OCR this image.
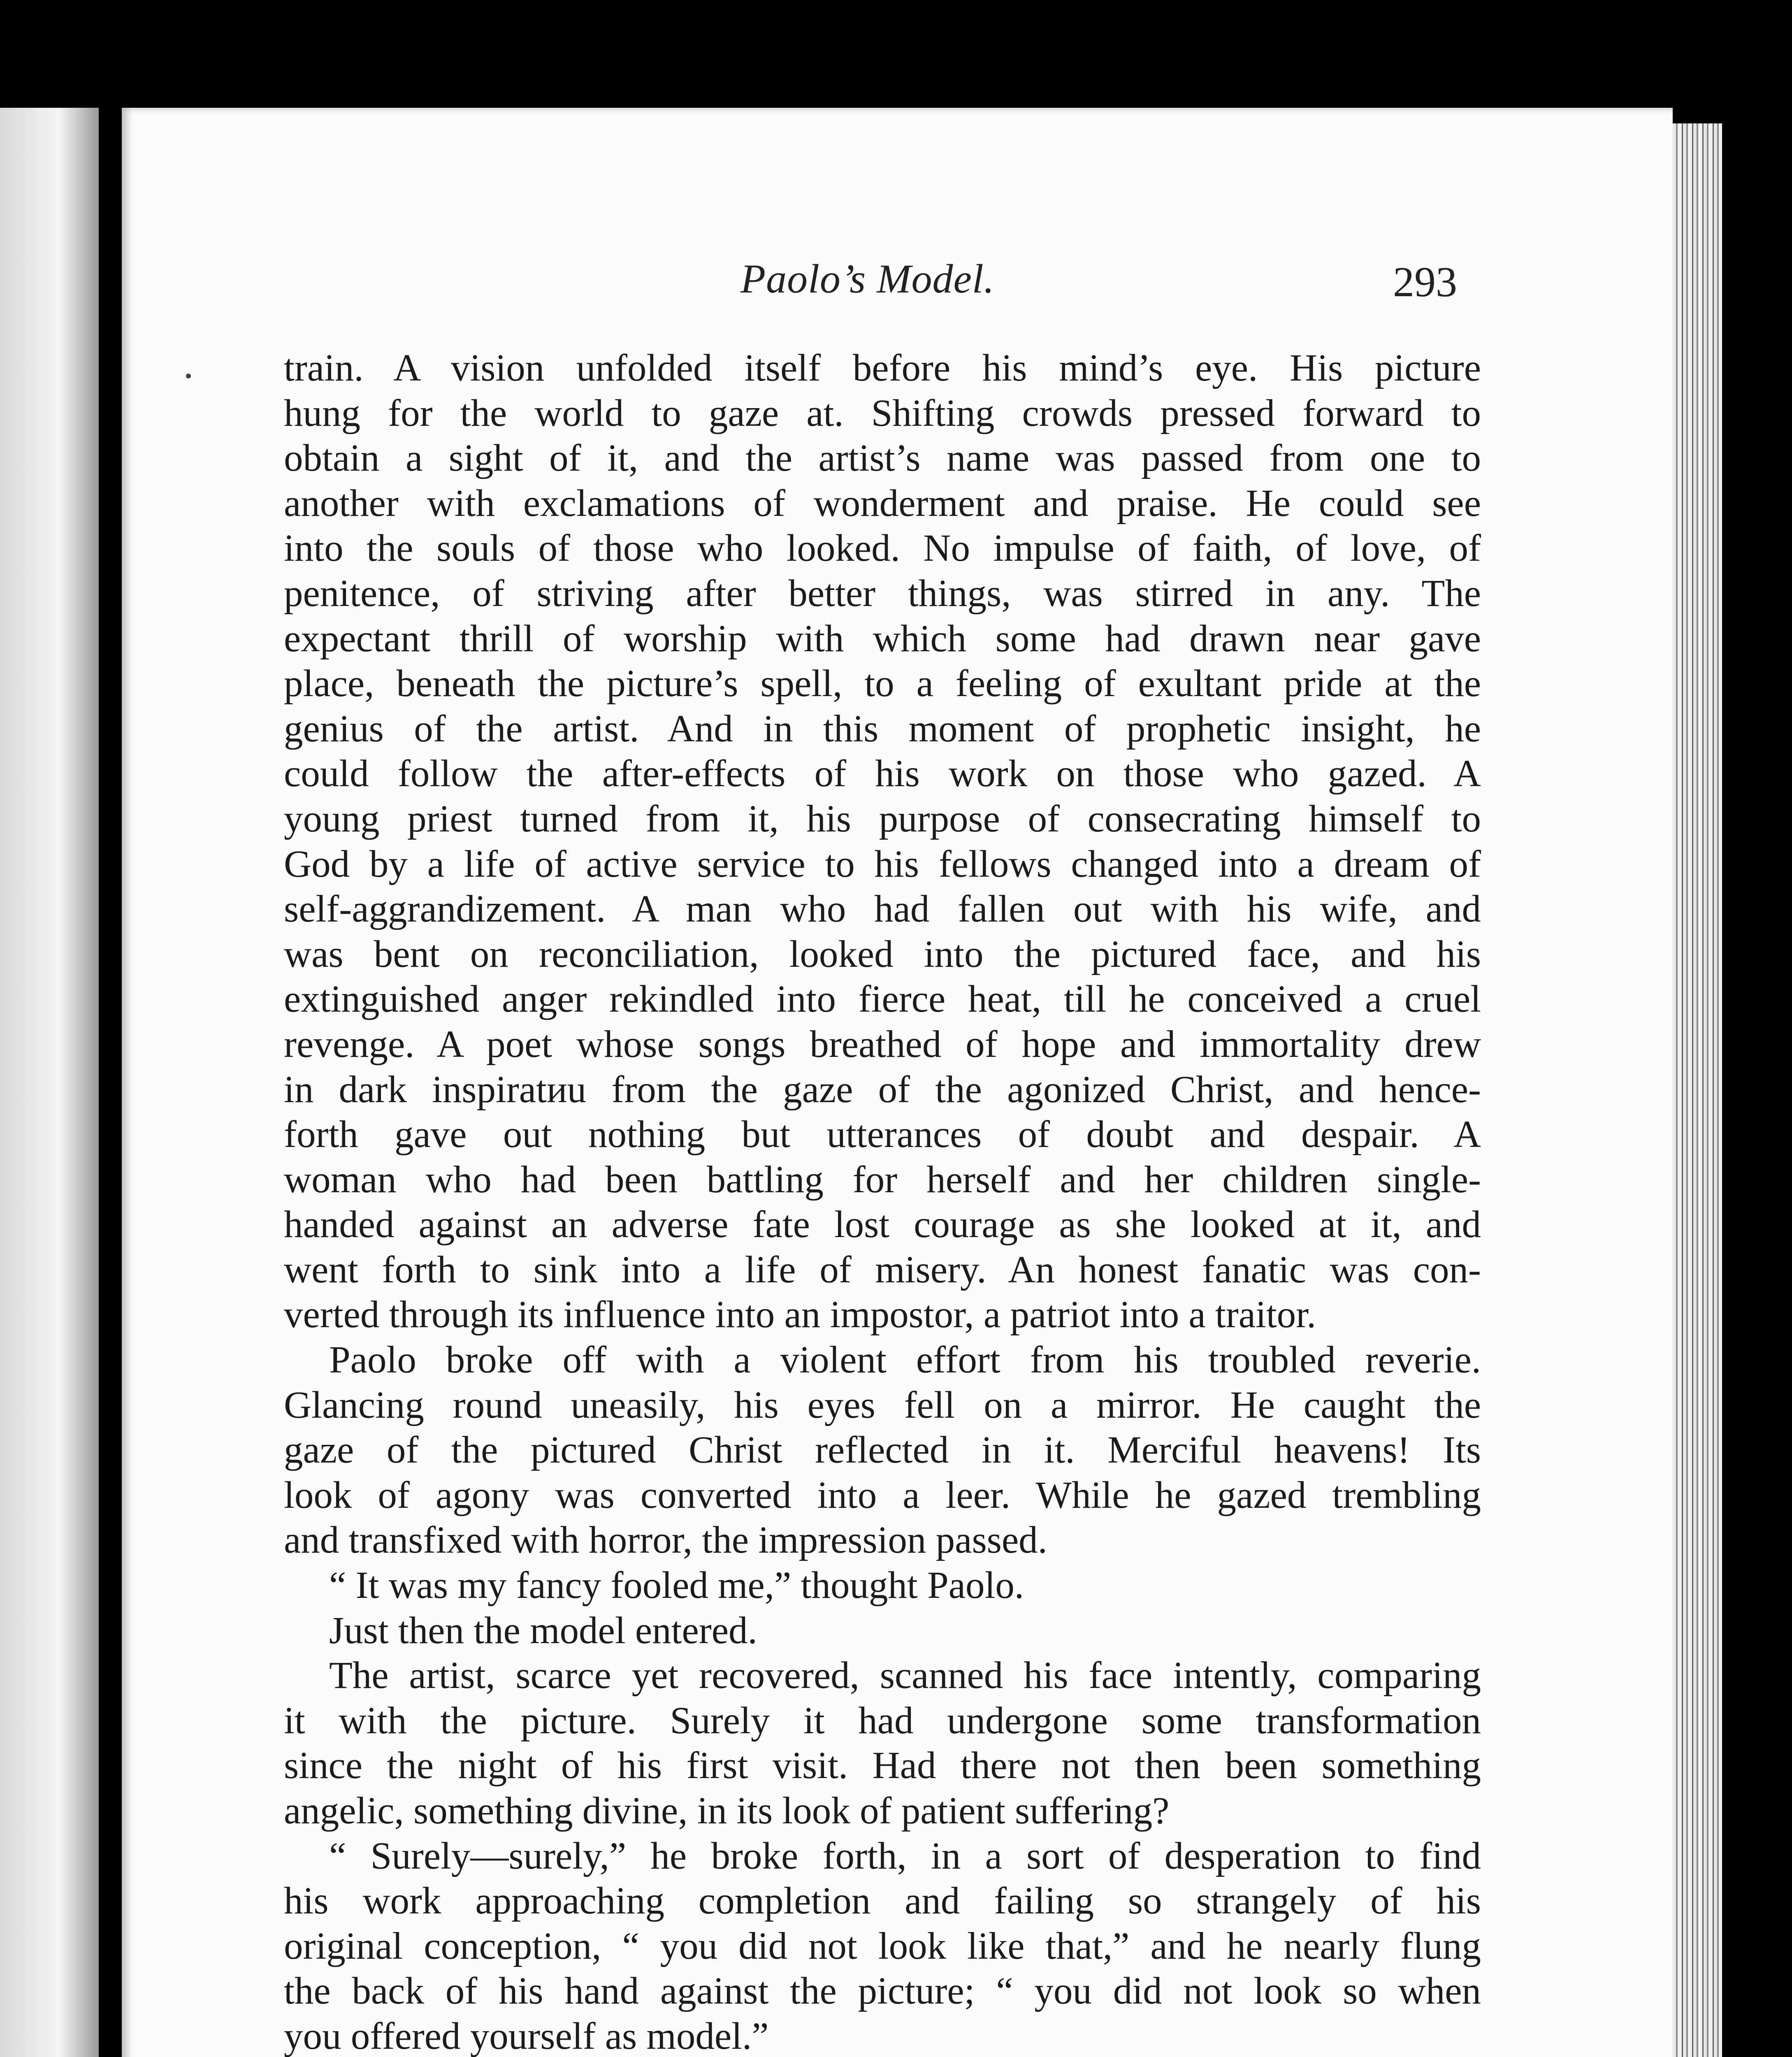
Paolo’s Model.	293
train. A vision unfolded itself before his mind’s eye. His picture
hung for the world to gaze at. Shifting crowds pressed forward to
obtain a sight of it, and the artist’s name was passed from one to
another with exclamations of wonderment and praise. He could see
into the souls of those who looked. No impulse of faith, of love, of
penitence, of striving after better things, was stirred in any. The
expectant thrill of worship with which some had drawn near gave
place, beneath the picture’s spell, to a feeling of exultant pride at the
genius of the artist. And in this moment of prophetic insight, he
could follow the after-effects of his work on those who gazed. A
young priest turned from it, his purpose of consecrating himself to
God by a life of active service to his fellows changed into a dream of
self-aggrandizement. A man who had fallen out with his wife, and
was bent on reconciliation, looked into the pictured face, and his
extinguished anger rekindled into fierce heat, till he conceived a cruel
revenge. A poet whose songs breathed of hope and immortality drew
in dark inspiratиu from the gaze of the agonized Christ, and hence-
forth gave out nothing but utterances of doubt and despair. A
woman who had been battling for herself and her children single-
handed against an adverse fate lost courage as she looked at it, and
went forth to sink into a life of misery. An honest fanatic was con-
verted through its influence into an impostor, a patriot into a traitor.
Paolo broke off with a violent effort from his troubled reverie.
Glancing round uneasily, his eyes fell on a mirror. He caught the
gaze of the pictured Christ reflected in it. Merciful heavens! Its
look of agony was converted into a leer. While he gazed trembling
and transfixed with horror, the impression passed.
“ It was my fancy fooled me,” thought Paolo.
Just then the model entered.
The artist, scarce yet recovered, scanned his face intently, comparing
it with the picture. Surely it had undergone some transformation
since the night of his first visit. Had there not then been something
angelic, something divine, in its look of patient suffering?
“ Surely—surely,” he broke forth, in a sort of desperation to find
his work approaching completion and failing so strangely of his
original conception, “ you did not look like that,” and he nearly flung
the back of his hand against the picture; “ you did not look so when
you offered yourself as model.”
